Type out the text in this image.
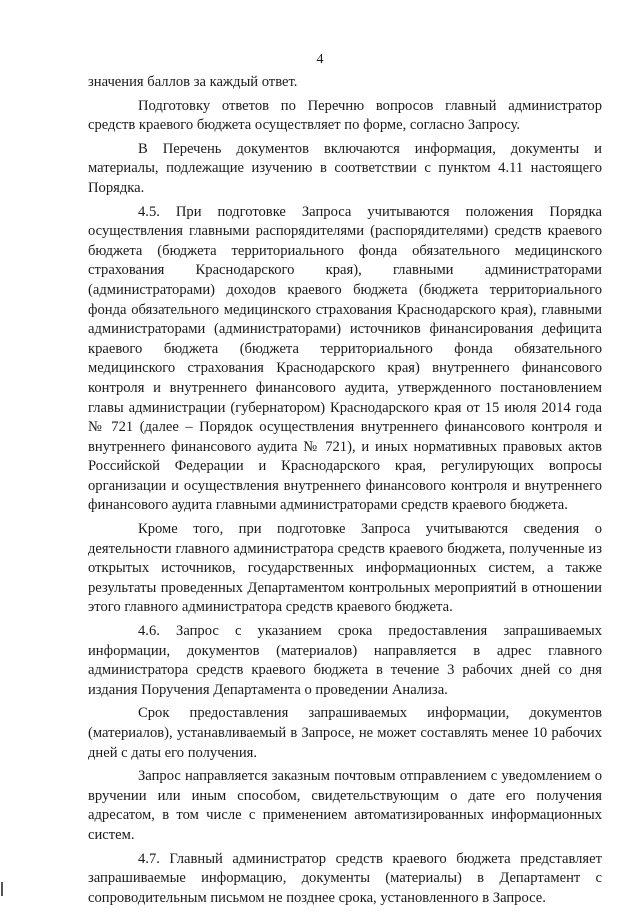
4

значения баллов за каждый ответ.

Подготовку ответов по Перечню вопросов главный администратор средств краевого бюджета осуществляет по форме, согласно Запросу.

В Перечень документов включаются информация, документы и материалы, подлежащие изучению в соответствии с пунктом 4.11 настоящего Порядка.

4.5. При подготовке Запроса учитываются положения Порядка осуществления главными распорядителями (распорядителями) средств краевого бюджета (бюджета территориального фонда обязательного медицинского страхования Краснодарского края), главными администраторами (администраторами) доходов краевого бюджета (бюджета территориального фонда обязательного медицинского страхования Краснодарского края), главными администраторами (администраторами) источников финансирования дефицита краевого бюджета (бюджета территориального фонда обязательного медицинского страхования Краснодарского края) внутреннего финансового контроля и внутреннего финансового аудита, утвержденного постановлением главы администрации (губернатором) Краснодарского края от 15 июля 2014 года № 721 (далее – Порядок осуществления внутреннего финансового контроля и внутреннего финансового аудита № 721), и иных нормативных правовых актов Российской Федерации и Краснодарского края, регулирующих вопросы организации и осуществления внутреннего финансового контроля и внутреннего финансового аудита главными администраторами средств краевого бюджета.

Кроме того, при подготовке Запроса учитываются сведения о деятельности главного администратора средств краевого бюджета, полученные из открытых источников, государственных информационных систем, а также результаты проведенных Департаментом контрольных мероприятий в отношении этого главного администратора средств краевого бюджета.

4.6. Запрос с указанием срока предоставления запрашиваемых информации, документов (материалов) направляется в адрес главного администратора средств краевого бюджета в течение 3 рабочих дней со дня издания Поручения Департамента о проведении Анализа.

Срок предоставления запрашиваемых информации, документов (материалов), устанавливаемый в Запросе, не может составлять менее 10 рабочих дней с даты его получения.

Запрос направляется заказным почтовым отправлением с уведомлением о вручении или иным способом, свидетельствующим о дате его получения адресатом, в том числе с применением автоматизированных информационных систем.

4.7. Главный администратор средств краевого бюджета представляет запрашиваемые информацию, документы (материалы) в Департамент с сопроводительным письмом не позднее срока, установленного в Запросе.
